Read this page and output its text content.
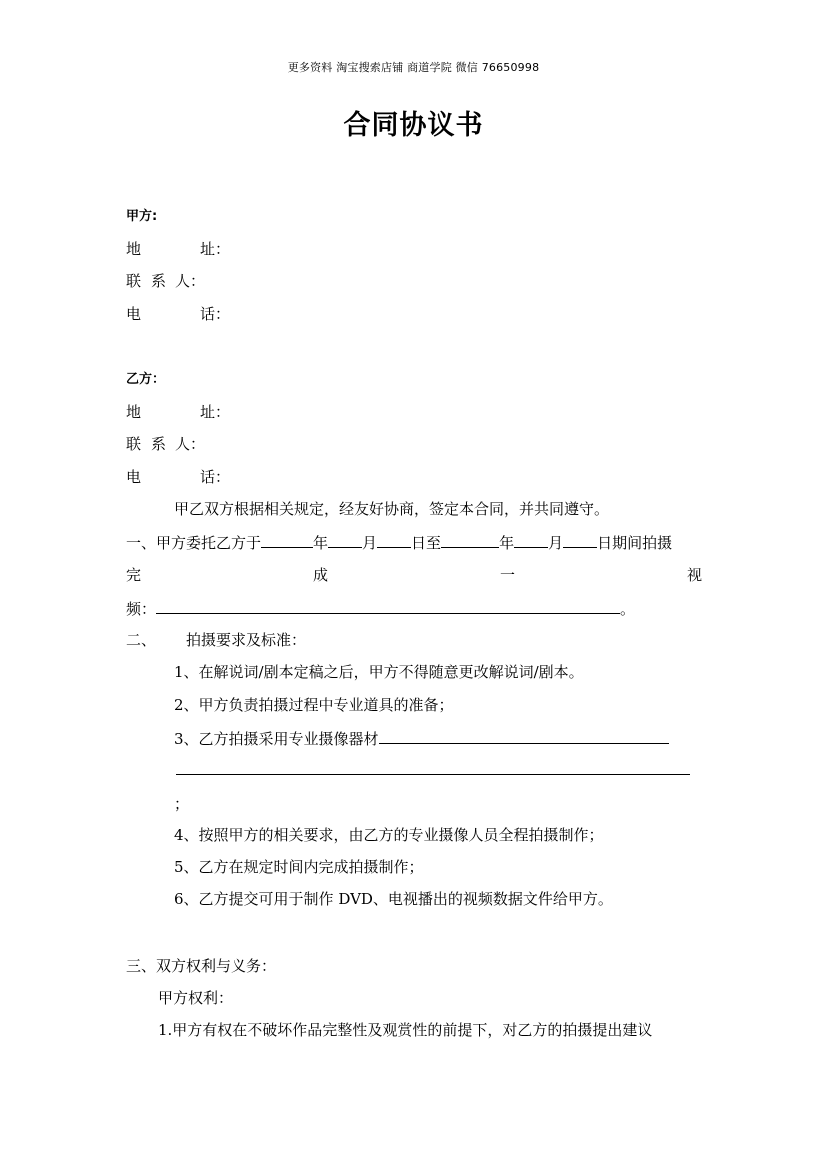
更多资料 淘宝搜索店铺 商道学院 微信 76650998
合同协议书
甲方:
地	址：
联 系 人：
电	话：
乙方：
地	址：
联 系 人：
电	话：
甲乙双方根据相关规定，经友好协商，签定本合同，并共同遵守。
一、甲方委托乙方于	年 月 日至	年 月 日期间拍摄
完	成	一	视
频：	。
二、 拍摄要求及标准：
1、在解说词/剧本定稿之后，甲方不得随意更改解说词/剧本。
2、甲方负责拍摄过程中专业道具的准备；
3、乙方拍摄采用专业摄像器材
；
4、按照甲方的相关要求，由乙方的专业摄像人员全程拍摄制作；
5、乙方在规定时间内完成拍摄制作；
6、乙方提交可用于制作 DVD、电视播出的视频数据文件给甲方。
三、双方权利与义务：
甲方权利：
1.甲方有权在不破坏作品完整性及观赏性的前提下，对乙方的拍摄提出建议
